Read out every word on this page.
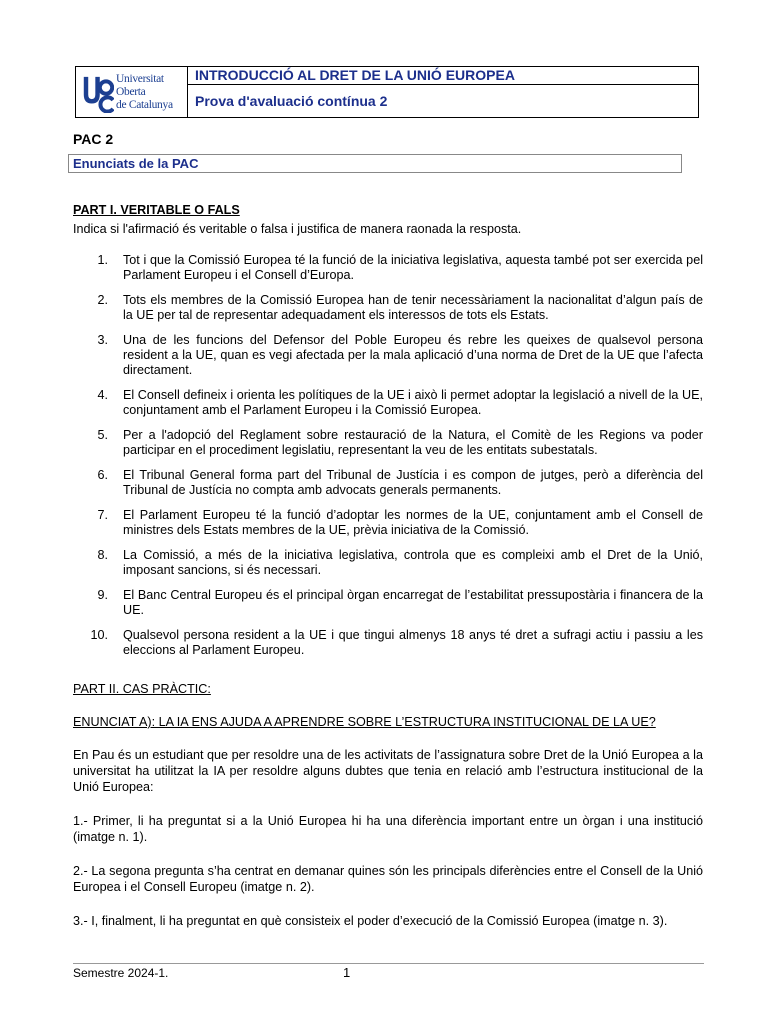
Universitat Oberta
de Catalunya
INTRODUCCIÓ AL DRET DE LA UNIÓ EUROPEA
Prova d'avaluació contínua 2
PAC 2
Enunciats de la PAC

PART I. VERITABLE O FALS

Indica si l'afirmació és veritable o falsa i justifica de manera raonada la resposta.

1.	Tot i que la Comissió Europea té la funció de la iniciativa legislativa, aquesta també pot ser exercida pel Parlament Europeu i el Consell d’Europa.
2.	Tots els membres de la Comissió Europea han de tenir necessàriament la nacionalitat d’algun país de la UE per tal de representar adequadament els interessos de tots els Estats.
3.	Una de les funcions del Defensor del Poble Europeu és rebre les queixes de qualsevol persona resident a la UE, quan es vegi afectada per la mala aplicació d’una norma de Dret de la UE que l’afecta directament.
4.	El Consell defineix i orienta les polítiques de la UE i això li permet adoptar la legislació a nivell de la UE, conjuntament amb el Parlament Europeu i la Comissió Europea.
5.	Per a l'adopció del Reglament sobre restauració de la Natura, el Comitè de les Regions va poder participar en el procediment legislatiu, representant la veu de les entitats subestatals.
6.	El Tribunal General forma part del Tribunal de Justícia i es compon de jutges, però a diferència del Tribunal de Justícia no compta amb advocats generals permanents.
7.	El Parlament Europeu té la funció d’adoptar les normes de la UE, conjuntament amb el Consell de ministres dels Estats membres de la UE, prèvia iniciativa de la Comissió.
8.	La Comissió, a més de la iniciativa legislativa, controla que es compleixi amb el Dret de la Unió, imposant sancions, si és necessari.
9.	El Banc Central Europeu és el principal òrgan encarregat de l’estabilitat pressupostària i financera de la UE.
10.	Qualsevol persona resident a la UE i que tingui almenys 18 anys té dret a sufragi actiu i passiu a les eleccions al Parlament Europeu.

PART II. CAS PRÀCTIC:

ENUNCIAT A): LA IA ENS AJUDA A APRENDRE SOBRE L’ESTRUCTURA INSTITUCIONAL DE LA UE?

En Pau és un estudiant que per resoldre una de les activitats de l’assignatura sobre Dret de la Unió Europea a la universitat ha utilitzat la IA per resoldre alguns dubtes que tenia en relació amb l’estructura institucional de la Unió Europea:

1.- Primer, li ha preguntat si a la Unió Europea hi ha una diferència important entre un òrgan i una institució (imatge n. 1).

2.- La segona pregunta s’ha centrat en demanar quines són les principals diferències entre el Consell de la Unió Europea i el Consell Europeu (imatge n. 2).

3.- I, finalment, li ha preguntat en què consisteix el poder d’execució de la Comissió Europea (imatge n. 3).

Semestre 2024-1.	1
